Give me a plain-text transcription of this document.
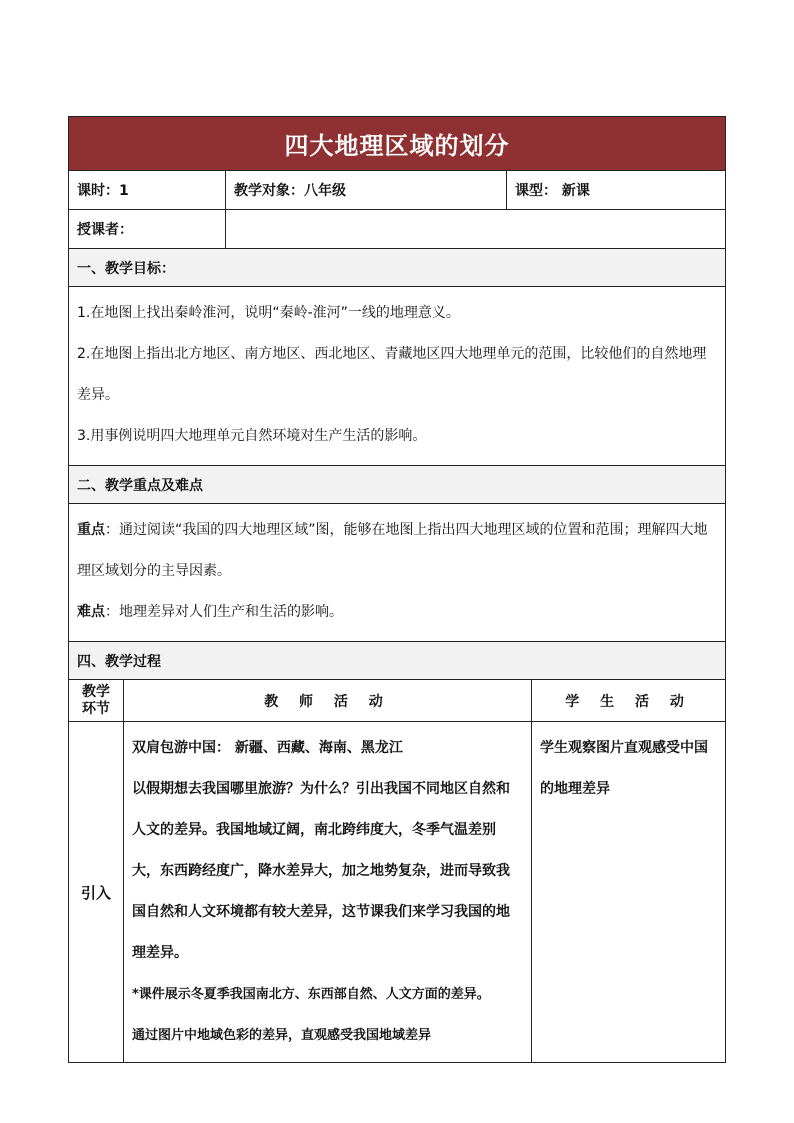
四大地理区域的划分				
课时：1		教学对象：八年级	课型： 新课	
授课者：				
一、教学目标：				

1.在地图上找出秦岭淮河，说明“秦岭-淮河”一线的地理意义。

2.在地图上指出北方地区、南方地区、西北地区、青藏地区四大地理单元的范围，比较他们的自然地理差异。

3.用事例说明四大地理单元自然环境对生产生活的影响。				

二、教学重点及难点				

重点：通过阅读“我国的四大地理区域”图，能够在地图上指出四大地理区域的位置和范围；理解四大地理区域划分的主导因素。

难点：地理差异对人们生产和生活的影响。				

四、教学过程				
教学环节	教 师 活 动			学 生 活 动
引入	双肩包游中国： 新疆、西藏、海南、黑龙江

以假期想去我国哪里旅游？为什么？引出我国不同地区自然和人文的差异。我国地域辽阔，南北跨纬度大，冬季气温差别大，东西跨经度广，降水差异大，加之地势复杂，进而导致我国自然和人文环境都有较大差异，这节课我们来学习我国的地理差异。

*课件展示冬夏季我国南北方、东西部自然、人文方面的差异。

通过图片中地域色彩的差异，直观感受我国地域差异			学生观察图片直观感受中国的地理差异
